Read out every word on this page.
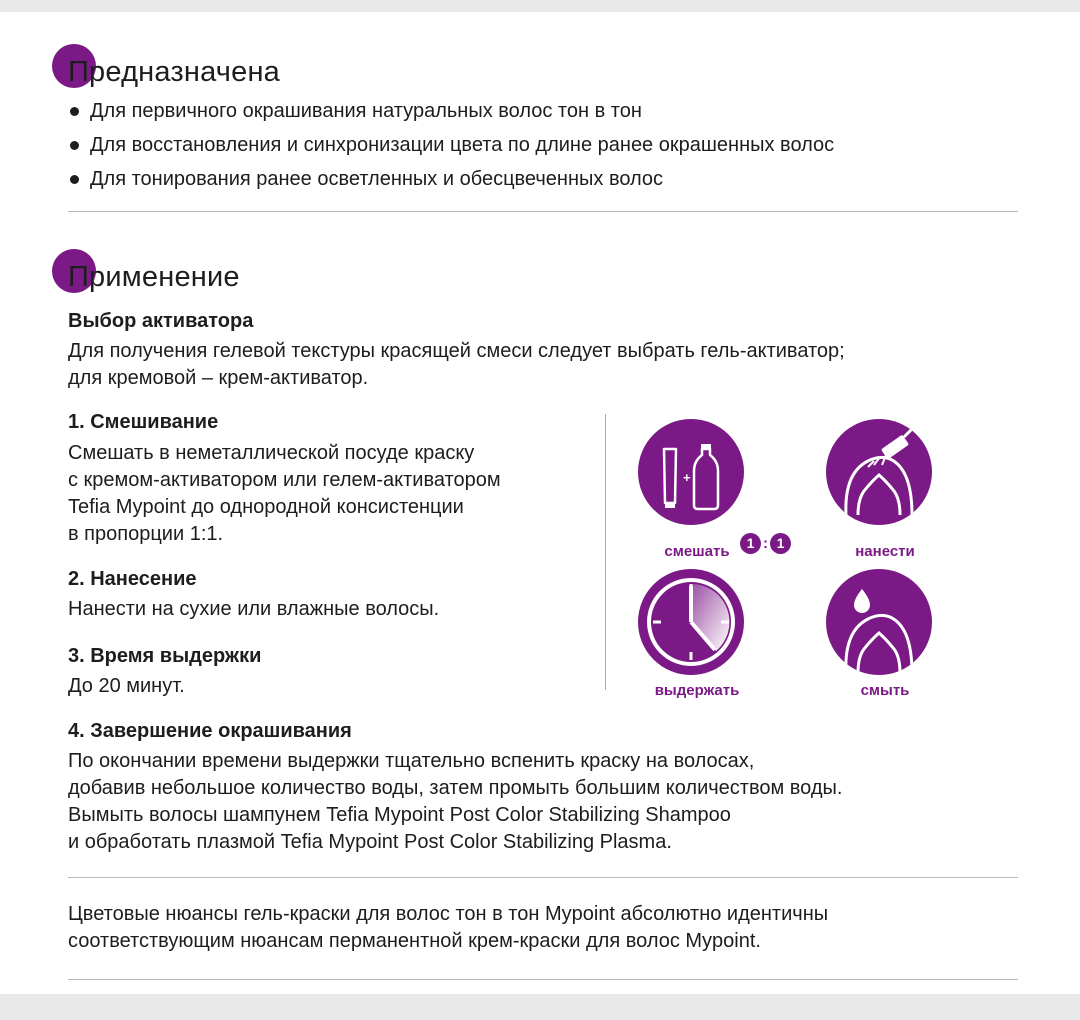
Предназначена
Для первичного окрашивания натуральных волос тон в тон
Для восстановления и синхронизации цвета по длине ранее окрашенных волос
Для тонирования ранее осветленных и обесцвеченных волос
Применение

Выбор активатора

Для получения гелевой текстуры красящей смеси следует выбрать гель-активатор;
для кремовой – крем-активатор.

1. Смешивание

Смешать в неметаллической посуде краску
с кремом-активатором или гелем-активатором
Tefia Mypoint до однородной консистенции
в пропорции 1:1.

2. Нанесение

Нанести на сухие или влажные волосы.

3. Время выдержки

До 20 минут.

+
смешать	1 : 1	нанести
выдержать	смыть

4. Завершение окрашивания

По окончании времени выдержки тщательно вспенить краску на волосах,
добавив небольшое количество воды, затем промыть большим количеством воды.
Вымыть волосы шампунем Tefia Mypoint Post Color Stabilizing Shampoo
и обработать плазмой Tefia Mypoint Post Color Stabilizing Plasma.

Цветовые нюансы гель-краски для волос тон в тон Mypoint абсолютно идентичны
соответствующим нюансам перманентной крем-краски для волос Mypoint.
